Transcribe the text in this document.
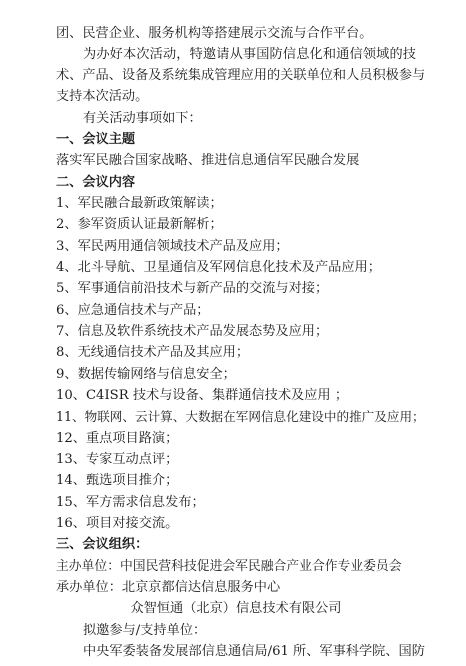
团、民营企业、服务机构等搭建展示交流与合作平台。
为办好本次活动，特邀请从事国防信息化和通信领域的技
术、产品、设备及系统集成管理应用的关联单位和人员积极参与
支持本次活动。
有关活动事项如下：
一、会议主题
落实军民融合国家战略、推进信息通信军民融合发展
二、会议内容
1、军民融合最新政策解读；
2、参军资质认证最新解析；
3、军民两用通信领域技术产品及应用；
4、北斗导航、卫星通信及军网信息化技术及产品应用；
5、军事通信前沿技术与新产品的交流与对接；
6、应急通信技术与产品；
7、信息及软件系统技术产品发展态势及应用；
8、无线通信技术产品及其应用；
9、数据传输网络与信息安全；
10、C4ISR 技术与设备、集群通信技术及应用 ；
11、物联网、云计算、大数据在军网信息化建设中的推广及应用；
12、重点项目路演；
13、专家互动点评；
14、甄选项目推介；
15、军方需求信息发布；
16、项目对接交流。
三、会议组织：
主办单位：中国民营科技促进会军民融合产业合作专业委员会
承办单位：北京京都信达信息服务中心
众智恒通（北京）信息技术有限公司
拟邀参与/支持单位：
中央军委装备发展部信息通信局/61 所、军事科学院、国防
